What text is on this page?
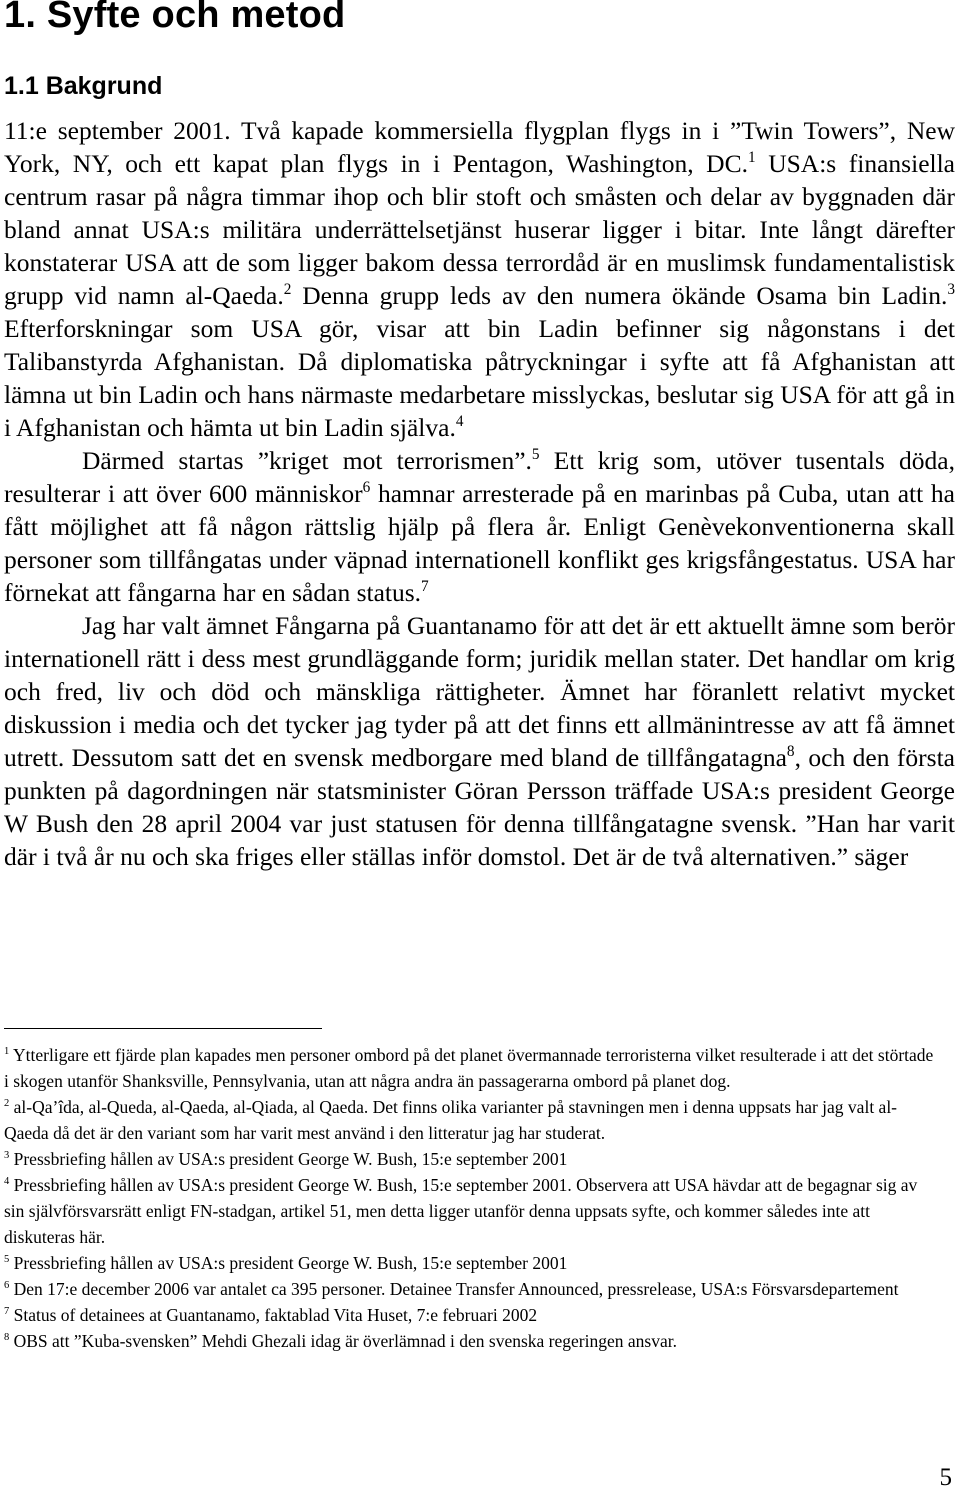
1. Syfte och metod
1.1 Bakgrund

11:e september 2001. Två kapade kommersiella flygplan flygs in i ”Twin Towers”, New York, NY, och ett kapat plan flygs in i Pentagon, Washington, DC.$^1$ USA:s finansiella centrum rasar på några timmar ihop och blir stoft och småsten och delar av byggnaden där bland annat USA:s militära underrättelsetjänst huserar ligger i bitar. Inte långt därefter konstaterar USA att de som ligger bakom dessa terrordåd är en muslimsk fundamentalistisk grupp vid namn al-Qaeda.$^2$ Denna grupp leds av den numera ökände Osama bin Ladin.$^3$ Efterforskningar som USA gör, visar att bin Ladin befinner sig någonstans i det Talibanstyrda Afghanistan. Då diplomatiska påtryckningar i syfte att få Afghanistan att lämna ut bin Ladin och hans närmaste medarbetare misslyckas, beslutar sig USA för att gå in i Afghanistan och hämta ut bin Ladin själva.$^4$

Därmed startas ”kriget mot terrorismen”.$^5$ Ett krig som, utöver tusentals döda, resulterar i att över 600 människor$^6$ hamnar arresterade på en marinbas på Cuba, utan att ha fått möjlighet att få någon rättslig hjälp på flera år. Enligt Genèvekonventionerna skall personer som tillfångatas under väpnad internationell konflikt ges krigsfångestatus. USA har förnekat att fångarna har en sådan status.$^7$

Jag har valt ämnet Fångarna på Guantanamo för att det är ett aktuellt ämne som berör internationell rätt i dess mest grundläggande form; juridik mellan stater. Det handlar om krig och fred, liv och död och mänskliga rättigheter. Ämnet har föranlett relativt mycket diskussion i media och det tycker jag tyder på att det finns ett allmänintresse av att få ämnet utrett. Dessutom satt det en svensk medborgare med bland de tillfångatagna$^8$, och den första punkten på dagordningen när statsminister Göran Persson träffade USA:s president George W Bush den 28 april 2004 var just statusen för denna tillfångatagne svensk. ”Han har varit där i två år nu och ska friges eller ställas inför domstol. Det är de två alternativen.” säger

$^1$ Ytterligare ett fjärde plan kapades men personer ombord på det planet övermannade terroristerna vilket resulterade i att det störtade i skogen utanför Shanksville, Pennsylvania, utan att några andra än passagerarna ombord på planet dog.

$^2$ al-Qa’îda, al-Queda, al-Qaeda, al-Qiada, al Qaeda. Det finns olika varianter på stavningen men i denna uppsats har jag valt al-Qaeda då det är den variant som har varit mest använd i den litteratur jag har studerat.

$^3$ Pressbriefing hållen av USA:s president George W. Bush, 15:e september 2001

$^4$ Pressbriefing hållen av USA:s president George W. Bush, 15:e september 2001. Observera att USA hävdar att de begagnar sig av sin självförsvarsrätt enligt FN-stadgan, artikel 51, men detta ligger utanför denna uppsats syfte, och kommer således inte att diskuteras här.

$^5$ Pressbriefing hållen av USA:s president George W. Bush, 15:e september 2001

$^6$ Den 17:e december 2006 var antalet ca 395 personer. Detainee Transfer Announced, pressrelease, USA:s Försvarsdepartement

$^7$ Status of detainees at Guantanamo, faktablad Vita Huset, 7:e februari 2002

$^8$ OBS att ”Kuba-svensken” Mehdi Ghezali idag är överlämnad i den svenska regeringen ansvar.

5
